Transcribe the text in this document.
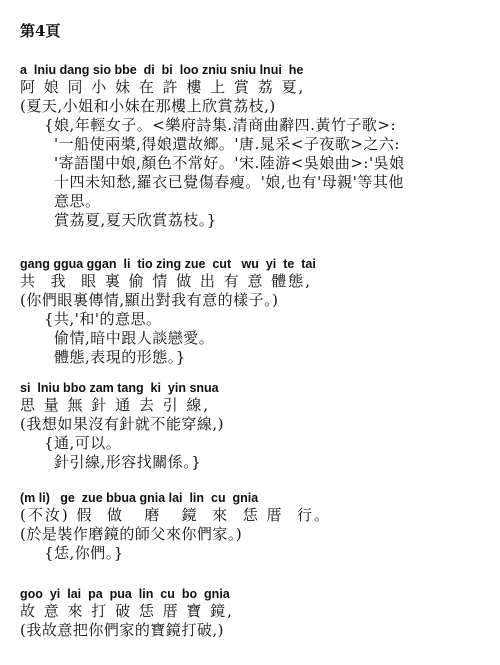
第4頁
a  lniu dang sio bbe  di  bi  loo zniu sniu lnui  he
阿 娘 同 小 妹 在 許 樓 上 賞 荔 夏,
(夏天,小姐和小妹在那樓上欣賞荔枝,)
{娘,年輕女子。<樂府詩集.清商曲辭四.黃竹子歌>:
'一船使兩槳,得娘還故鄉。'唐.晁采<子夜歌>之六:
'寄語閨中娘,顏色不常好。'宋.陸游<吳娘曲>:'吳娘
十四未知愁,羅衣已覺傷春瘦。'娘,也有'母親'等其他
意思。
賞荔夏,夏天欣賞荔枝。}
gang ggua ggan  li  tio zing zue  cut   wu  yi  te  tai
共  我  眼 裏 偷 情 做 出 有 意 體態,
(你們眼裏傳情,顯出對我有意的樣子。)
{共,'和'的意思。
偷情,暗中跟人談戀愛。
體態,表現的形態。}
si  lniu bbo zam tang  ki  yin snua
思 量 無 針 通 去 引 線,
(我想如果沒有針就不能穿線,)
{通,可以。
針引線,形容找關係。}
(m li)   ge  zue bbua gnia lai  lin  cu  gnia
(不汝) 假  做   磨   鏡  來  恁 厝  行。
(於是裝作磨鏡的師父來你們家。)
{恁,你們。}
goo  yi  lai  pa  pua  lin  cu  bo  gnia
故 意 來 打 破 恁 厝 寶 鏡,
(我故意把你們家的寶鏡打破,)
